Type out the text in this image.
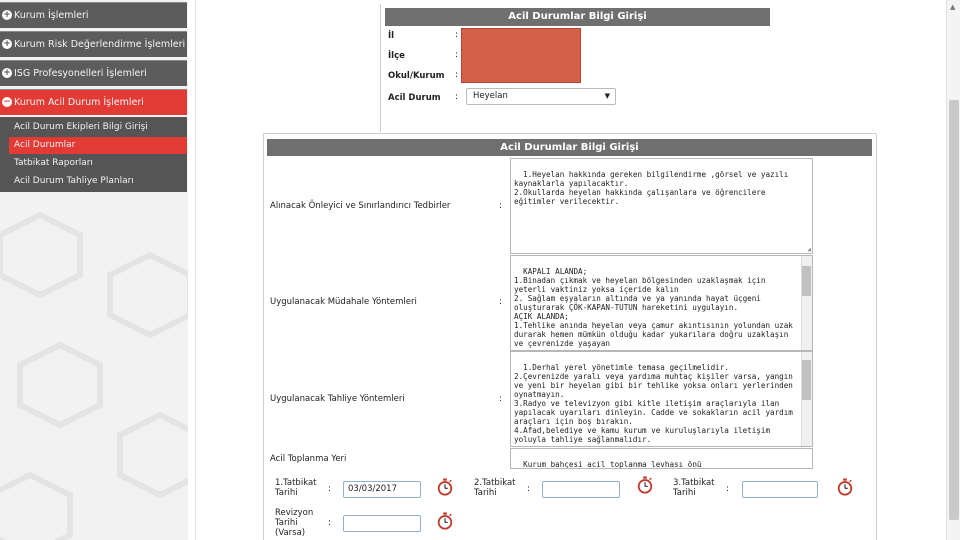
+ Kurum İşlemleri
+ Kurum Risk Değerlendirme İşlemleri
+ ISG Profesyonelleri İşlemleri
− Kurum Acil Durum İşlemleri
Acil Durum Ekipleri Bilgi Girişi
Acil Durumlar
Tatbikat Raporları
Acil Durum Tahliye Planları
Acil Durumlar Bilgi Girişi
İl	:
İlçe	:
Okul/Kurum :
Acil Durum :	Heyelan	▼
Acil Durumlar Bilgi Girişi
Alınacak Önleyici ve Sınırlandırıcı Tedbirler	:

1.Heyelan hakkında gereken bilgilendirme ,görsel ve yazılı kaynaklarla yapılacaktır.
2.Okullarda heyelan hakkında çalışanlara ve öğrencilere eğitimler verilecektir.

◢

Uygulanacak Müdahale Yöntemleri	:

KAPALI ALANDA;
1.Binadan çıkmak ve heyelan bölgesinden uzaklaşmak için yeterli vaktiniz yoksa içeride kalın
2. Sağlam eşyaların altında ve ya yanında hayat üçgeni oluşturarak ÇÖK-KAPAN-TUTUN hareketini uygulayın.
AÇIK ALANDA;
1.Tehlike anında heyelan veya çamur akıntısının yolundan uzak durarak hemen mümkün olduğu kadar yukarılara doğru uzaklaşın ve çevrenizde yaşayan

Uygulanacak Tahliye Yöntemleri	:

1.Derhal yerel yönetimle temasa geçilmelidir.
2.Çevrenizde yaralı veya yardıma muhtaç kişiler varsa, yangın ve yeni bir heyelan gibi bir tehlike yoksa onları yerlerinden oynatmayın.
3.Radyo ve televizyon gibi kitle iletişim araçlarıyla ilan yapılacak uyarıları dinleyin. Cadde ve sokakların acil yardım araçları için boş bırakın.
4.Afad,belediye ve kamu kurum ve kuruluşlarıyla iletişim yoluyla tahliye sağlanmalıdır.

Acil Toplanma Yeri

Kurum bahçesi acil toplanma levhası önü

1.Tatbikat
Tarihi	:	03/03/2017
2.Tatbikat
Tarihi	:
3.Tatbikat
Tarihi	:
Revizyon
Tarihi
(Varsa)
:
▲
